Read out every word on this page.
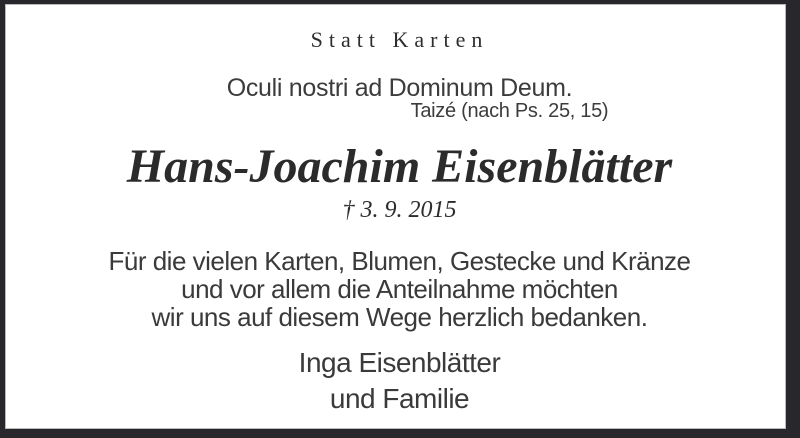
Statt Karten
Oculi nostri ad Dominum Deum.
Taizé (nach Ps. 25, 15)
Hans-Joachim Eisenblätter
† 3. 9. 2015
Für die vielen Karten, Blumen, Gestecke und Kränze
und vor allem die Anteilnahme möchten
wir uns auf diesem Wege herzlich bedanken.
Inga Eisenblätter
und Familie
